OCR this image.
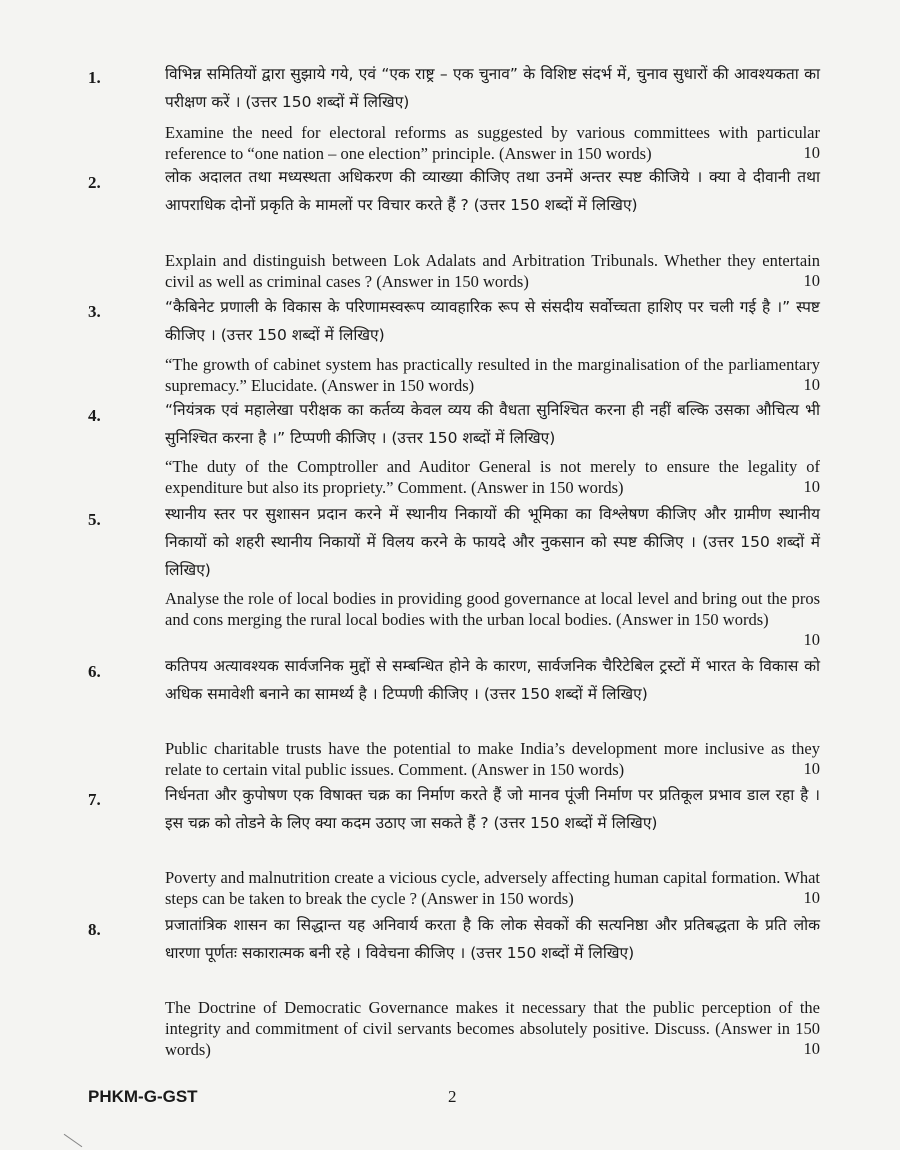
1.	विभिन्न समितियों द्वारा सुझाये गये, एवं “एक राष्ट्र – एक चुनाव” के विशिष्ट संदर्भ में, चुनाव सुधारों की आवश्यकता का परीक्षण करें । (उत्तर 150 शब्दों में लिखिए)
Examine the need for electoral reforms as suggested by various committees with particular reference to “one nation – one election” principle. (Answer in 150 words)	10
2.	लोक अदालत तथा मध्यस्थता अधिकरण की व्याख्या कीजिए तथा उनमें अन्तर स्पष्ट कीजिये । क्या वे दीवानी तथा आपराधिक दोनों प्रकृति के मामलों पर विचार करते हैं ? (उत्तर 150 शब्दों में लिखिए)
Explain and distinguish between Lok Adalats and Arbitration Tribunals. Whether they entertain civil as well as criminal cases ? (Answer in 150 words)	10
3.	“कैबिनेट प्रणाली के विकास के परिणामस्वरूप व्यावहारिक रूप से संसदीय सर्वोच्चता हाशिए पर चली गई है ।” स्पष्ट कीजिए । (उत्तर 150 शब्दों में लिखिए)
“The growth of cabinet system has practically resulted in the marginalisation of the parliamentary supremacy.” Elucidate. (Answer in 150 words)	10
4.	“नियंत्रक एवं महालेखा परीक्षक का कर्तव्य केवल व्यय की वैधता सुनिश्चित करना ही नहीं बल्कि उसका औचित्य भी सुनिश्चित करना है ।” टिप्पणी कीजिए । (उत्तर 150 शब्दों में लिखिए)
“The duty of the Comptroller and Auditor General is not merely to ensure the legality of expenditure but also its propriety.” Comment. (Answer in 150 words)	10
5.	स्थानीय स्तर पर सुशासन प्रदान करने में स्थानीय निकायों की भूमिका का विश्लेषण कीजिए और ग्रामीण स्थानीय निकायों को शहरी स्थानीय निकायों में विलय करने के फायदे और नुकसान को स्पष्ट कीजिए । (उत्तर 150 शब्दों में लिखिए)
Analyse the role of local bodies in providing good governance at local level and bring out the pros and cons merging the rural local bodies with the urban local bodies. (Answer in 150 words)
10
6.	कतिपय अत्यावश्यक सार्वजनिक मुद्दों से सम्बन्धित होने के कारण, सार्वजनिक चैरिटेबिल ट्रस्टों में भारत के विकास को अधिक समावेशी बनाने का सामर्थ्य है । टिप्पणी कीजिए । (उत्तर 150 शब्दों में लिखिए)
Public charitable trusts have the potential to make India’s development more inclusive as they relate to certain vital public issues. Comment. (Answer in 150 words)	10
7.	निर्धनता और कुपोषण एक विषाक्त चक्र का निर्माण करते हैं जो मानव पूंजी निर्माण पर प्रतिकूल प्रभाव डाल रहा है । इस चक्र को तोडने के लिए क्या कदम उठाए जा सकते हैं ? (उत्तर 150 शब्दों में लिखिए)
Poverty and malnutrition create a vicious cycle, adversely affecting human capital formation. What steps can be taken to break the cycle ? (Answer in 150 words)	10
8.	प्रजातांत्रिक शासन का सिद्धान्त यह अनिवार्य करता है कि लोक सेवकों की सत्यनिष्ठा और प्रतिबद्धता के प्रति लोक धारणा पूर्णतः सकारात्मक बनी रहे । विवेचना कीजिए । (उत्तर 150 शब्दों में लिखिए)
The Doctrine of Democratic Governance makes it necessary that the public perception of the integrity and commitment of civil servants becomes absolutely positive. Discuss. (Answer in 150 words)	10
PHKM-G-GST	2
